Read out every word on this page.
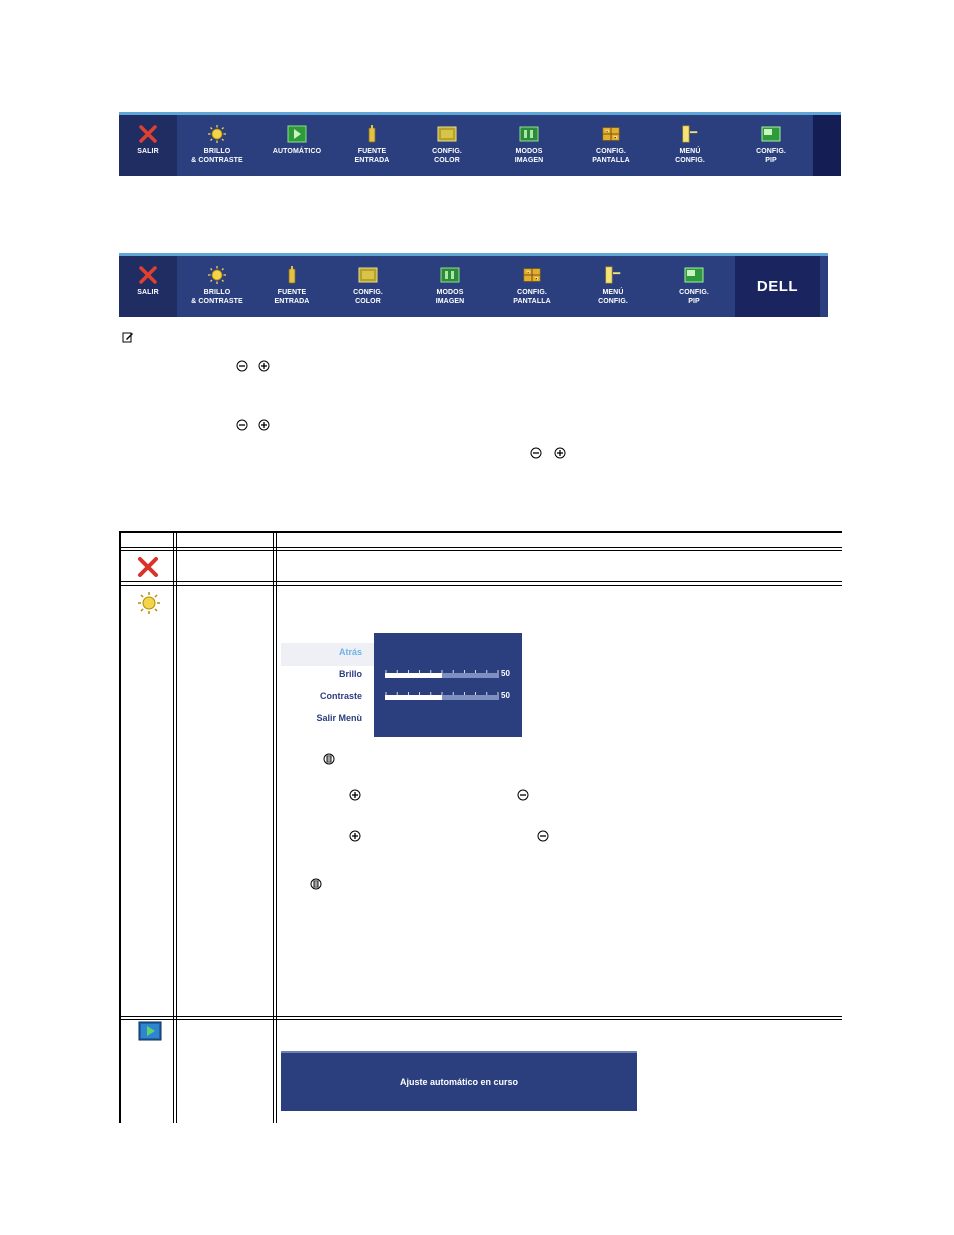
SALIR	BRILLO
& CONTRASTE
AUTOMÁTICO	FUENTE
ENTRADA
CONFIG.
COLOR
MODOS
IMAGEN
CONFIG.
PANTALLA
MENÚ
CONFIG.
CONFIG.
PIP
SALIR	BRILLO
& CONTRASTE
FUENTE
ENTRADA
CONFIG.
COLOR
MODOS
IMAGEN
CONFIG.
PANTALLA
MENÚ
CONFIG.
CONFIG.
PIP
DELL
Atrás
Brillo
Contraste
Salir Menù
50
50
Ajuste automático en curso
